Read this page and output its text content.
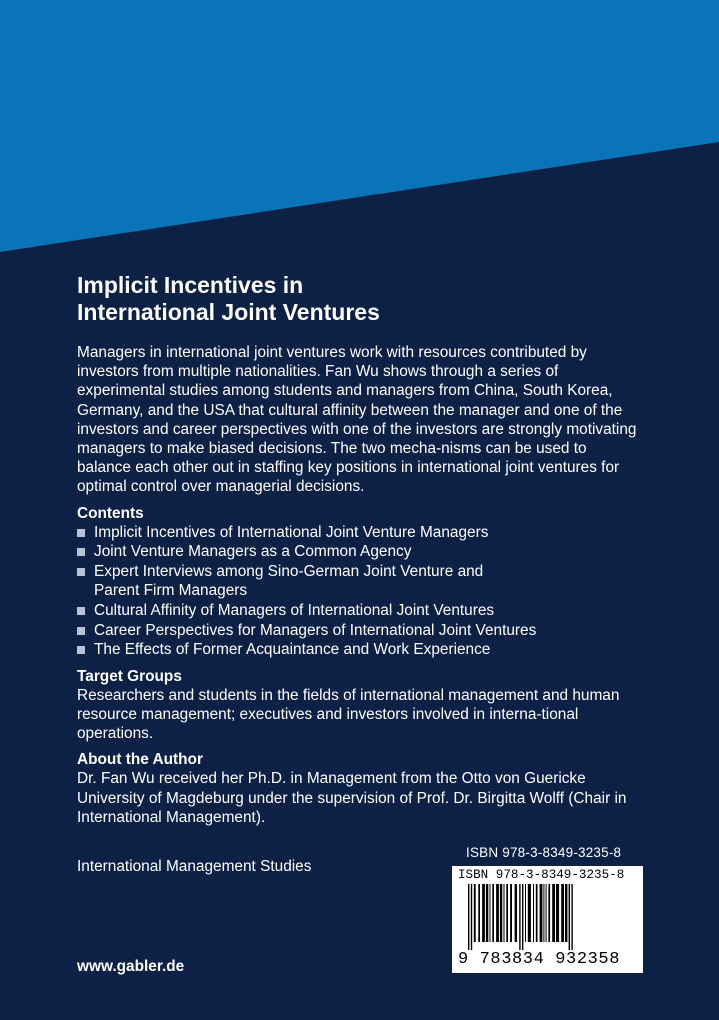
Implicit Incentives in
International Joint Ventures

Managers in international joint ventures work with resources contributed by investors from multiple nationalities. Fan Wu shows through a series of experimental studies among students and managers from China, South Korea, Germany, and the USA that cultural affinity between the manager and one of the investors and career perspectives with one of the investors are strongly motivating managers to make biased decisions. The two mecha-nisms can be used to balance each other out in staffing key positions in international joint ventures for optimal control over managerial decisions.

Contents
Implicit Incentives of International Joint Venture Managers
Joint Venture Managers as a Common Agency
Expert Interviews among Sino-German Joint Venture and Parent Firm Managers
Cultural Affinity of Managers of International Joint Ventures
Career Perspectives for Managers of International Joint Ventures
The Effects of Former Acquaintance and Work Experience
Target Groups

Researchers and students in the fields of international management and human resource management; executives and investors involved in interna-tional operations.

About the Author

Dr. Fan Wu received her Ph.D. in Management from the Otto von Guericke University of Magdeburg under the supervision of Prof. Dr. Birgitta Wolff (Chair in International Management).

ISBN 978-3-8349-3235-8
International Management Studies	ISBN 978-3-8349-3235-8
9 783834 932358
www.gabler.de
